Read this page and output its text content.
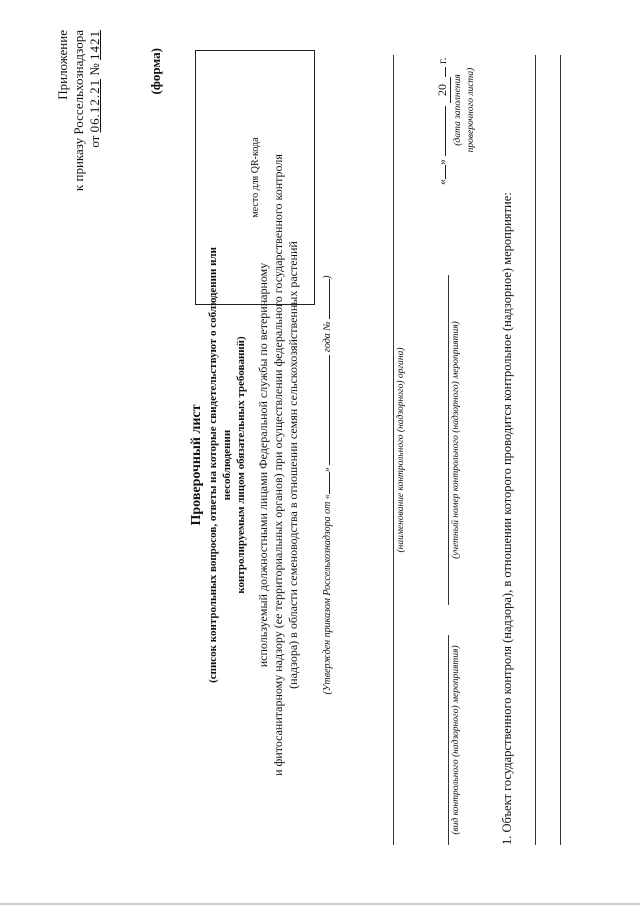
Приложение к приказу Россельхознадзора от 06.12.21 № 1421
(форма)
место для QR-кода
Проверочный лист (список контрольных вопросов, ответы на которые свидетельствуют о соблюдении или несоблюдении контролируемым лицом обязательных требований) используемый должностными лицами Федеральной службы по ветеринарному и фитосанитарному надзору (ее территориальных органов) при осуществлении федерального государственного контроля (надзора) в области семеноводства в отношении семян сельскохозяйственных растений (Утвержден приказом Россельхознадзора от «»  года № )
(наименование контрольного (надзорного) органа)
(вид контрольного (надзорного) мероприятия)
(учетный номер контрольного (надзорного) мероприятия)
«»  20 г.
(дата заполнения проверочного листа)
1. Объект государственного контроля (надзора), в отношении которого проводится контрольное (надзорное) мероприятие:
